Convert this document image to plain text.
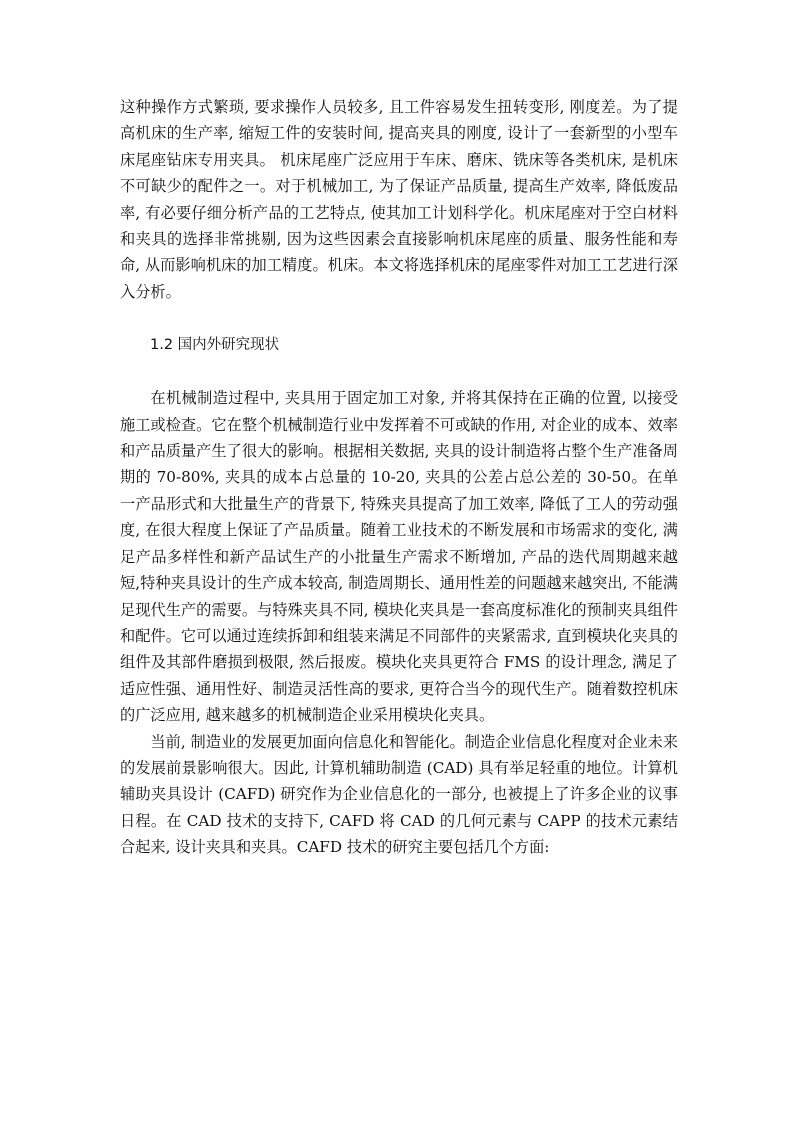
这种操作方式繁琐, 要求操作人员较多, 且工件容易发生扭转变形, 刚度差。为了提高机床的生产率, 缩短工件的安装时间, 提高夹具的刚度, 设计了一套新型的小型车床尾座钻床专用夹具。 机床尾座广泛应用于车床、磨床、铣床等各类机床, 是机床不可缺少的配件之一。对于机械加工, 为了保证产品质量, 提高生产效率, 降低废品率, 有必要仔细分析产品的工艺特点, 使其加工计划科学化。机床尾座对于空白材料和夹具的选择非常挑剔, 因为这些因素会直接影响机床尾座的质量、服务性能和寿命, 从而影响机床的加工精度。机床。本文将选择机床的尾座零件对加工工艺进行深入分析。

1.2 国内外研究现状

在机械制造过程中, 夹具用于固定加工对象, 并将其保持在正确的位置, 以接受施工或检查。它在整个机械制造行业中发挥着不可或缺的作用, 对企业的成本、效率和产品质量产生了很大的影响。根据相关数据, 夹具的设计制造将占整个生产准备周期的 70-80%, 夹具的成本占总量的 10-20, 夹具的公差占总公差的 30-50。在单一产品形式和大批量生产的背景下, 特殊夹具提高了加工效率, 降低了工人的劳动强度, 在很大程度上保证了产品质量。随着工业技术的不断发展和市场需求的变化, 满足产品多样性和新产品试生产的小批量生产需求不断增加, 产品的迭代周期越来越短,特种夹具设计的生产成本较高, 制造周期长、通用性差的问题越来越突出, 不能满足现代生产的需要。与特殊夹具不同, 模块化夹具是一套高度标准化的预制夹具组件和配件。它可以通过连续拆卸和组装来满足不同部件的夹紧需求, 直到模块化夹具的组件及其部件磨损到极限, 然后报废。模块化夹具更符合 FMS 的设计理念, 满足了适应性强、通用性好、制造灵活性高的要求, 更符合当今的现代生产。随着数控机床的广泛应用, 越来越多的机械制造企业采用模块化夹具。

当前, 制造业的发展更加面向信息化和智能化。制造企业信息化程度对企业未来的发展前景影响很大。因此, 计算机辅助制造 (CAD) 具有举足轻重的地位。计算机辅助夹具设计 (CAFD) 研究作为企业信息化的一部分, 也被提上了许多企业的议事日程。在 CAD 技术的支持下, CAFD 将 CAD 的几何元素与 CAPP 的技术元素结合起来, 设计夹具和夹具。CAFD 技术的研究主要包括几个方面:
